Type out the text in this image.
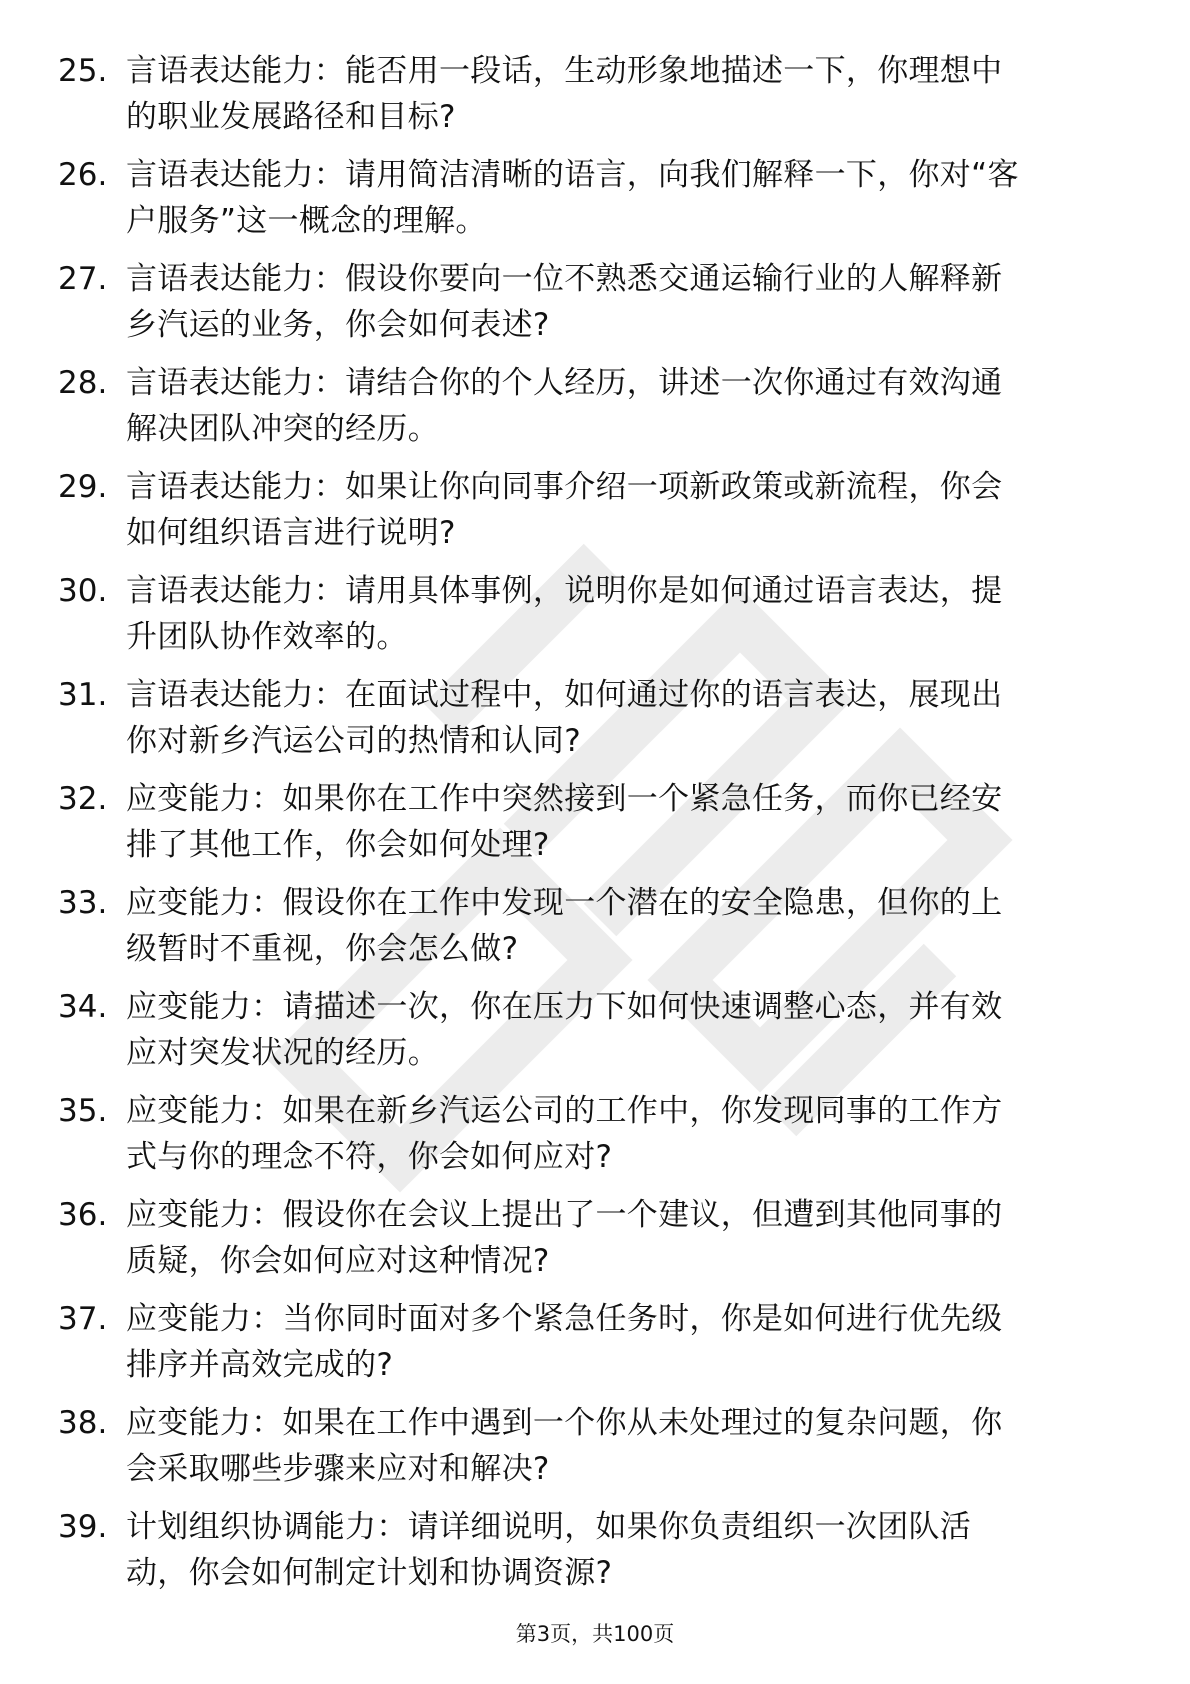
25. 言语表达能力：能否用一段话，生动形象地描述一下，你理想中
的职业发展路径和目标?
26. 言语表达能力：请用简洁清晰的语言，向我们解释一下，你对“客
户服务”这一概念的理解。
27. 言语表达能力：假设你要向一位不熟悉交通运输行业的人解释新
乡汽运的业务，你会如何表述?
28. 言语表达能力：请结合你的个人经历，讲述一次你通过有效沟通
解决团队冲突的经历。
29. 言语表达能力：如果让你向同事介绍一项新政策或新流程，你会
如何组织语言进行说明?
30. 言语表达能力：请用具体事例，说明你是如何通过语言表达，提
升团队协作效率的。
31. 言语表达能力：在面试过程中，如何通过你的语言表达，展现出
你对新乡汽运公司的热情和认同?
32. 应变能力：如果你在工作中突然接到一个紧急任务，而你已经安
排了其他工作，你会如何处理?
33. 应变能力：假设你在工作中发现一个潜在的安全隐患，但你的上
级暂时不重视，你会怎么做?
34. 应变能力：请描述一次，你在压力下如何快速调整心态，并有效
应对突发状况的经历。
35. 应变能力：如果在新乡汽运公司的工作中，你发现同事的工作方
式与你的理念不符，你会如何应对?
36. 应变能力：假设你在会议上提出了一个建议，但遭到其他同事的
质疑，你会如何应对这种情况?
37. 应变能力：当你同时面对多个紧急任务时，你是如何进行优先级
排序并高效完成的?
38. 应变能力：如果在工作中遇到一个你从未处理过的复杂问题，你
会采取哪些步骤来应对和解决?
39. 计划组织协调能力：请详细说明，如果你负责组织一次团队活
动，你会如何制定计划和协调资源?
第3页，共100页
